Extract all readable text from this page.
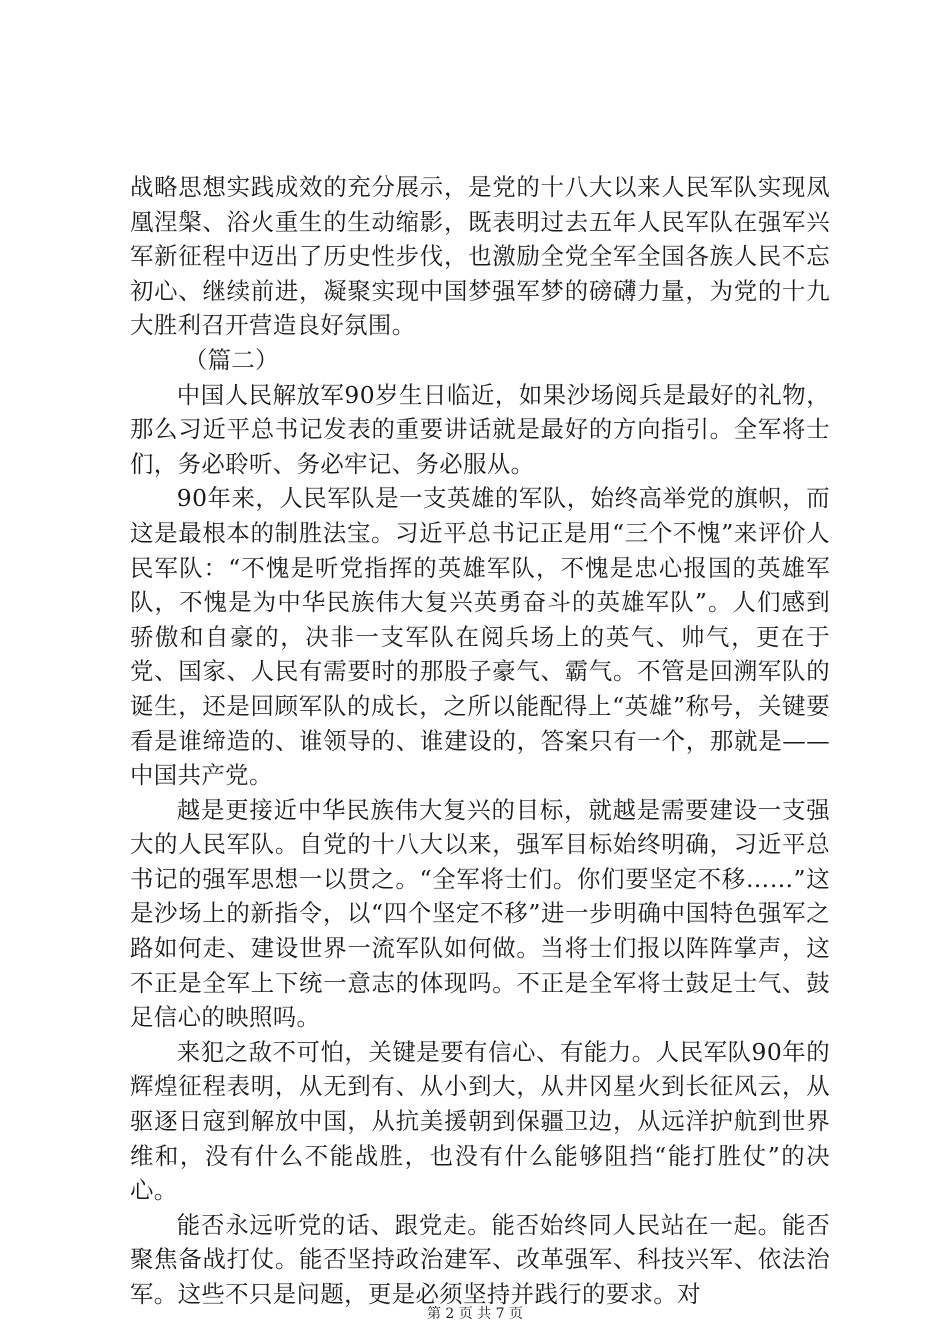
战略思想实践成效的充分展示，是党的十八大以来人民军队实现凤凰涅槃、浴火重生的生动缩影，既表明过去五年人民军队在强军兴军新征程中迈出了历史性步伐，也激励全党全军全国各族人民不忘初心、继续前进，凝聚实现中国梦强军梦的磅礴力量，为党的十九大胜利召开营造良好氛围。

（篇二）

中国人民解放军90岁生日临近，如果沙场阅兵是最好的礼物，那么习近平总书记发表的重要讲话就是最好的方向指引。全军将士们，务必聆听、务必牢记、务必服从。

90年来，人民军队是一支英雄的军队，始终高举党的旗帜，而这是最根本的制胜法宝。习近平总书记正是用“三个不愧”来评价人民军队：“不愧是听党指挥的英雄军队，不愧是忠心报国的英雄军队，不愧是为中华民族伟大复兴英勇奋斗的英雄军队”。人们感到骄傲和自豪的，决非一支军队在阅兵场上的英气、帅气，更在于党、国家、人民有需要时的那股子豪气、霸气。不管是回溯军队的诞生，还是回顾军队的成长，之所以能配得上“英雄”称号，关键要看是谁缔造的、谁领导的、谁建设的，答案只有一个，那就是——中国共产党。

越是更接近中华民族伟大复兴的目标，就越是需要建设一支强大的人民军队。自党的十八大以来，强军目标始终明确，习近平总书记的强军思想一以贯之。“全军将士们。你们要坚定不移……”这是沙场上的新指令，以“四个坚定不移”进一步明确中国特色强军之路如何走、建设世界一流军队如何做。当将士们报以阵阵掌声，这不正是全军上下统一意志的体现吗。不正是全军将士鼓足士气、鼓足信心的映照吗。

来犯之敌不可怕，关键是要有信心、有能力。人民军队90年的辉煌征程表明，从无到有、从小到大，从井冈星火到长征风云，从驱逐日寇到解放中国，从抗美援朝到保疆卫边，从远洋护航到世界维和，没有什么不能战胜，也没有什么能够阻挡“能打胜仗”的决心。

能否永远听党的话、跟党走。能否始终同人民站在一起。能否聚焦备战打仗。能否坚持政治建军、改革强军、科技兴军、依法治军。这些不只是问题，更是必须坚持并践行的要求。对

第 2 页 共 7 页
